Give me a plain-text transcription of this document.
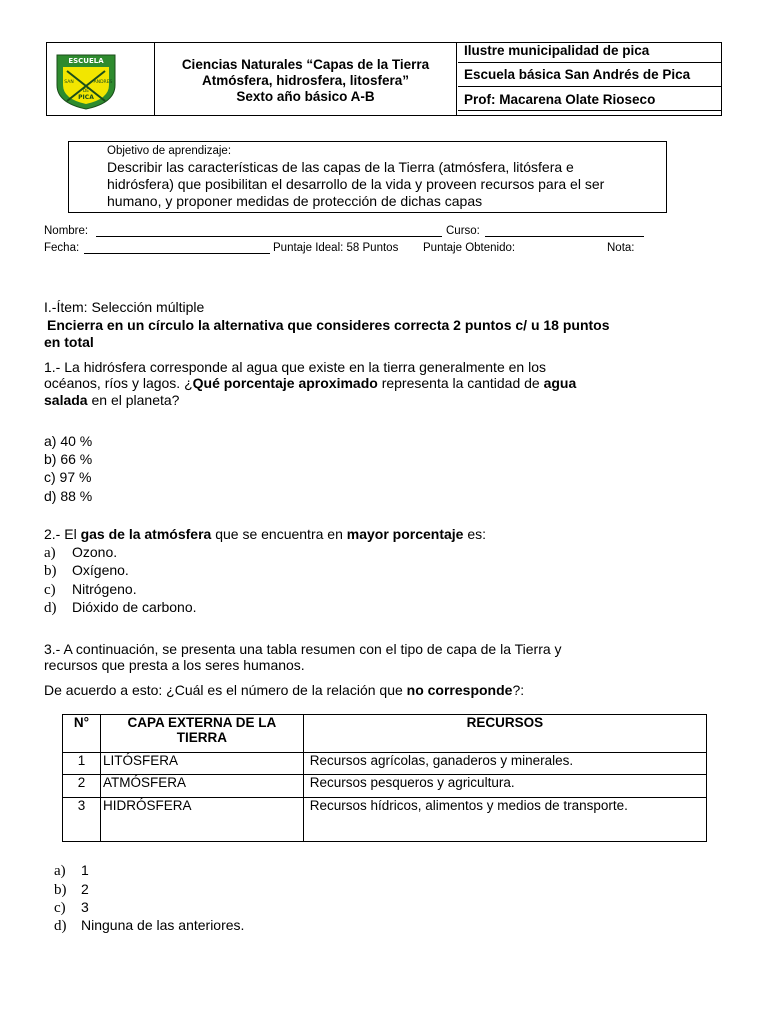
ESCUELA
SAN	ANDRES
DE
PICA
Ciencias Naturales “Capas de la Tierra
Atmósfera, hidrosfera, litosfera”
Sexto año básico A-B
Ilustre municipalidad de pica
Escuela básica San Andrés de Pica
Prof: Macarena Olate Rioseco
Objetivo de aprendizaje:
Describir las características de las capas de la Tierra (atmósfera, litósfera e
hidrósfera) que posibilitan el desarrollo de la vida y proveen recursos para el ser
humano, y proponer medidas de protección de dichas capas
Nombre:	Curso:
Fecha:	Puntaje Ideal: 58 Puntos Puntaje Obtenido:	Nota:
I.-Ítem: Selección múltiple
Encierra en un círculo la alternativa que consideres correcta 2 puntos c/ u 18 puntos
en total
1.- La hidrósfera corresponde al agua que existe en la tierra generalmente en los
océanos, ríos y lagos. ¿Qué porcentaje aproximado representa la cantidad de agua
salada en el planeta?
a) 40 %
b) 66 %
c) 97 %
d) 88 %
2.- El gas de la atmósfera que se encuentra en mayor porcentaje es:
a) Ozono.
b) Oxígeno.
c) Nitrógeno.
d) Dióxido de carbono.
3.- A continuación, se presenta una tabla resumen con el tipo de capa de la Tierra y
recursos que presta a los seres humanos.
De acuerdo a esto: ¿Cuál es el número de la relación que no corresponde?:
N°	CAPA EXTERNA DE LA TIERRA	RECURSOS
1	LITÓSFERA	Recursos agrícolas, ganaderos y minerales.
2	ATMÓSFERA	Recursos pesqueros y agricultura.
3	HIDRÓSFERA	Recursos hídricos, alimentos y medios de transporte.
a) 1
b) 2
c) 3
d) Ninguna de las anteriores.
